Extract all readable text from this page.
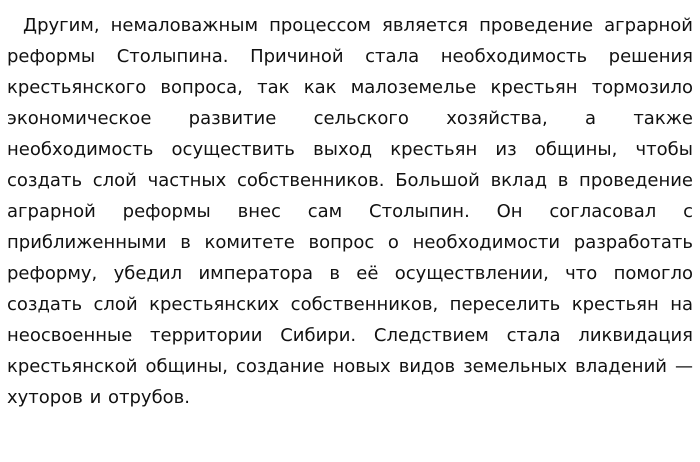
Другим, немаловажным процессом является проведение аграрной реформы Столыпина. Причиной стала необходимость решения крестьянского вопроса, так как малоземелье крестьян тормозило экономическое развитие сельского хозяйства, а также необходимость осуществить выход крестьян из общины, чтобы создать слой частных собственников. Большой вклад в проведение аграрной реформы внес сам Столыпин. Он согласовал с приближенными в комитете вопрос о необходимости разработать реформу, убедил императора в её осуществлении, что помогло создать слой крестьянских собственников, переселить крестьян на неосвоенные территории Сибири. Следствием стала ликвидация крестьянской общины, создание новых видов земельных владений — хуторов и отрубов.
